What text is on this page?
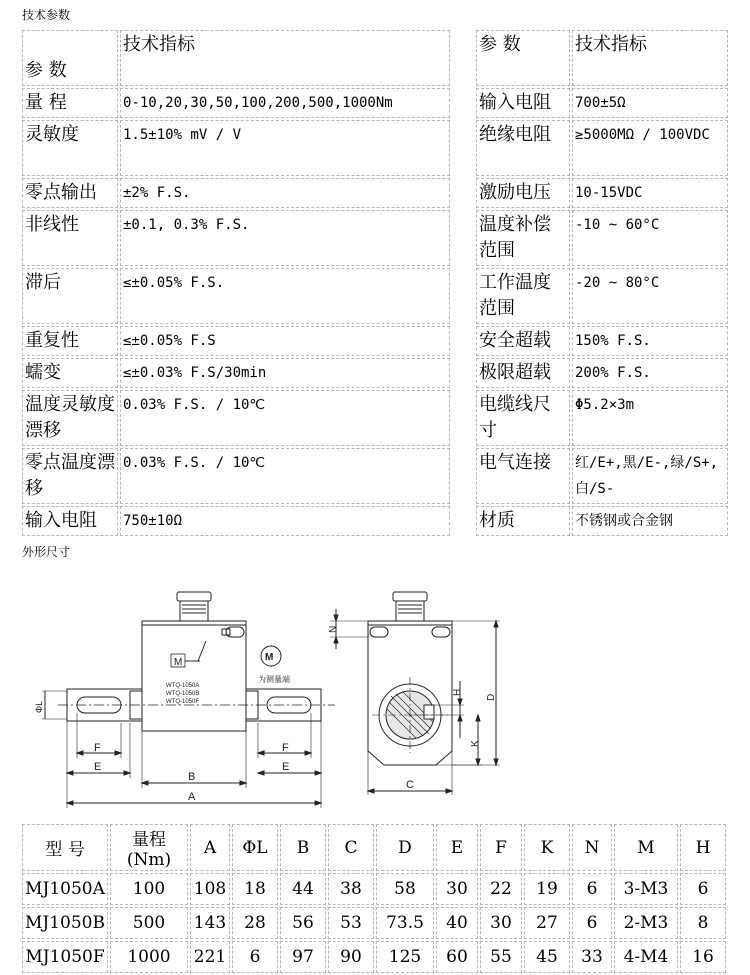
技术参数
参 数	技术指标		参 数	技术指标
量 程	0-10,20,30,50,100,200,500,1000Nm		输入电阻	700±5Ω
灵敏度	1.5±10% mV / V		绝缘电阻	≥5000MΩ / 100VDC
零点输出	±2% F.S.		激励电压	10-15VDC
非线性	±0.1, 0.3% F.S.		温度补偿范围	-10 ~ 60°C
滞后	≤±0.05% F.S.		工作温度范围	-20 ~ 80°C
重复性	≤±0.05% F.S		安全超载	150% F.S.
蠕变	≤±0.03% F.S/30min		极限超载	200% F.S.
温度灵敏度漂移	0.03% F.S. / 10℃		电缆线尺寸	Φ5.2×3m
零点温度漂移	0.03% F.S. / 10℃		电气连接	红/E+,黑/E-,绿/S+,白/S-
输入电阻	750±10Ω		材质	不锈钢或合金钢
外形尺寸
M
WTQ-1050A
WTQ-1050B
WTQ-1050F
M
为测量端
ΦL
F
E
B
F
E
A
N
H
K
D
C
型 号	量程(Nm)	A	ΦL	B	C	D	E	F	K	N	M	H
MJ1050A	100	108	18	44	38	58	30	22	19	6	3-M3	6
MJ1050B	500	143	28	56	53	73.5	40	30	27	6	2-M3	8
MJ1050F	1000	221	6	97	90	125	60	55	45	33	4-M4	16
